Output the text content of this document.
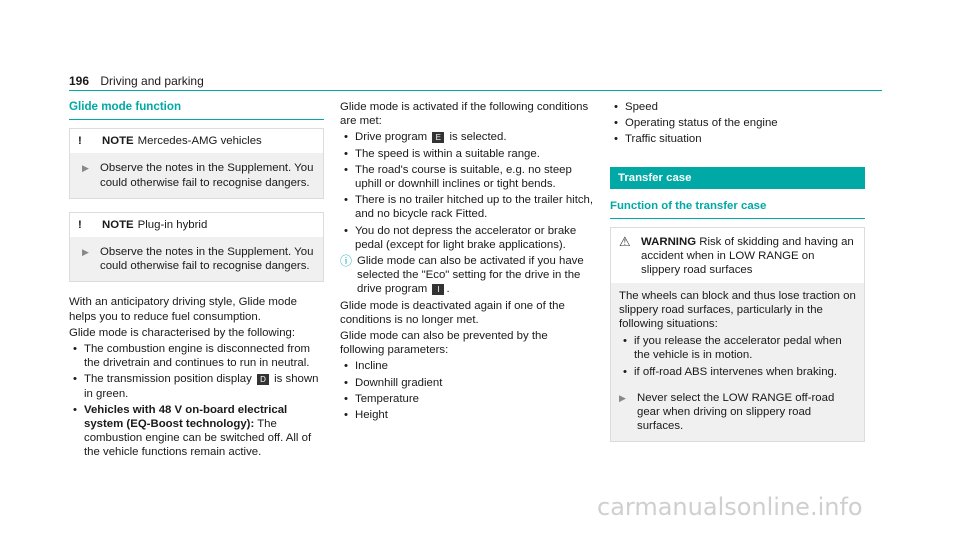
196 Driving and parking
Glide mode function
!	NOTE Mercedes-AMG vehicles
▶ Observe the notes in the Supplement. You could otherwise fail to recognise dangers.
!	NOTE Plug-in hybrid
▶ Observe the notes in the Supplement. You could otherwise fail to recognise dangers.

With an anticipatory driving style, Glide mode helps you to reduce fuel consumption.

Glide mode is characterised by the following:

• The combustion engine is disconnected from the drivetrain and continues to run in neutral.
• The transmission position display D is shown in green.
• Vehicles with 48 V on-board electrical system (EQ-Boost technology): The combustion engine can be switched off. All of the vehicle functions remain active.

Glide mode is activated if the following conditions are met:

• Drive program E is selected.
• The speed is within a suitable range.
• The road's course is suitable, e.g. no steep uphill or downhill inclines or tight bends.
• There is no trailer hitched up to the trailer hitch, and no bicycle rack Fitted.
• You do not depress the accelerator or brake pedal (except for light brake applications).
ⓘ Glide mode can also be activated if you have selected the "Eco" setting for the drive in the drive program I .

Glide mode is deactivated again if one of the conditions is no longer met.

Glide mode can also be prevented by the following parameters:

• Incline
• Downhill gradient
• Temperature
• Height
• Speed
• Operating status of the engine
• Traffic situation
Transfer case
Function of the transfer case
⚠ WARNING Risk of skidding and having an accident when in LOW RANGE on slippery road surfaces

The wheels can block and thus lose traction on slippery road surfaces, particularly in the following situations:

• if you release the accelerator pedal when the vehicle is in motion.
• if off-road ABS intervenes when braking.
▶ Never select the LOW RANGE off-road gear when driving on slippery road surfaces.
carmanualsonline.info
